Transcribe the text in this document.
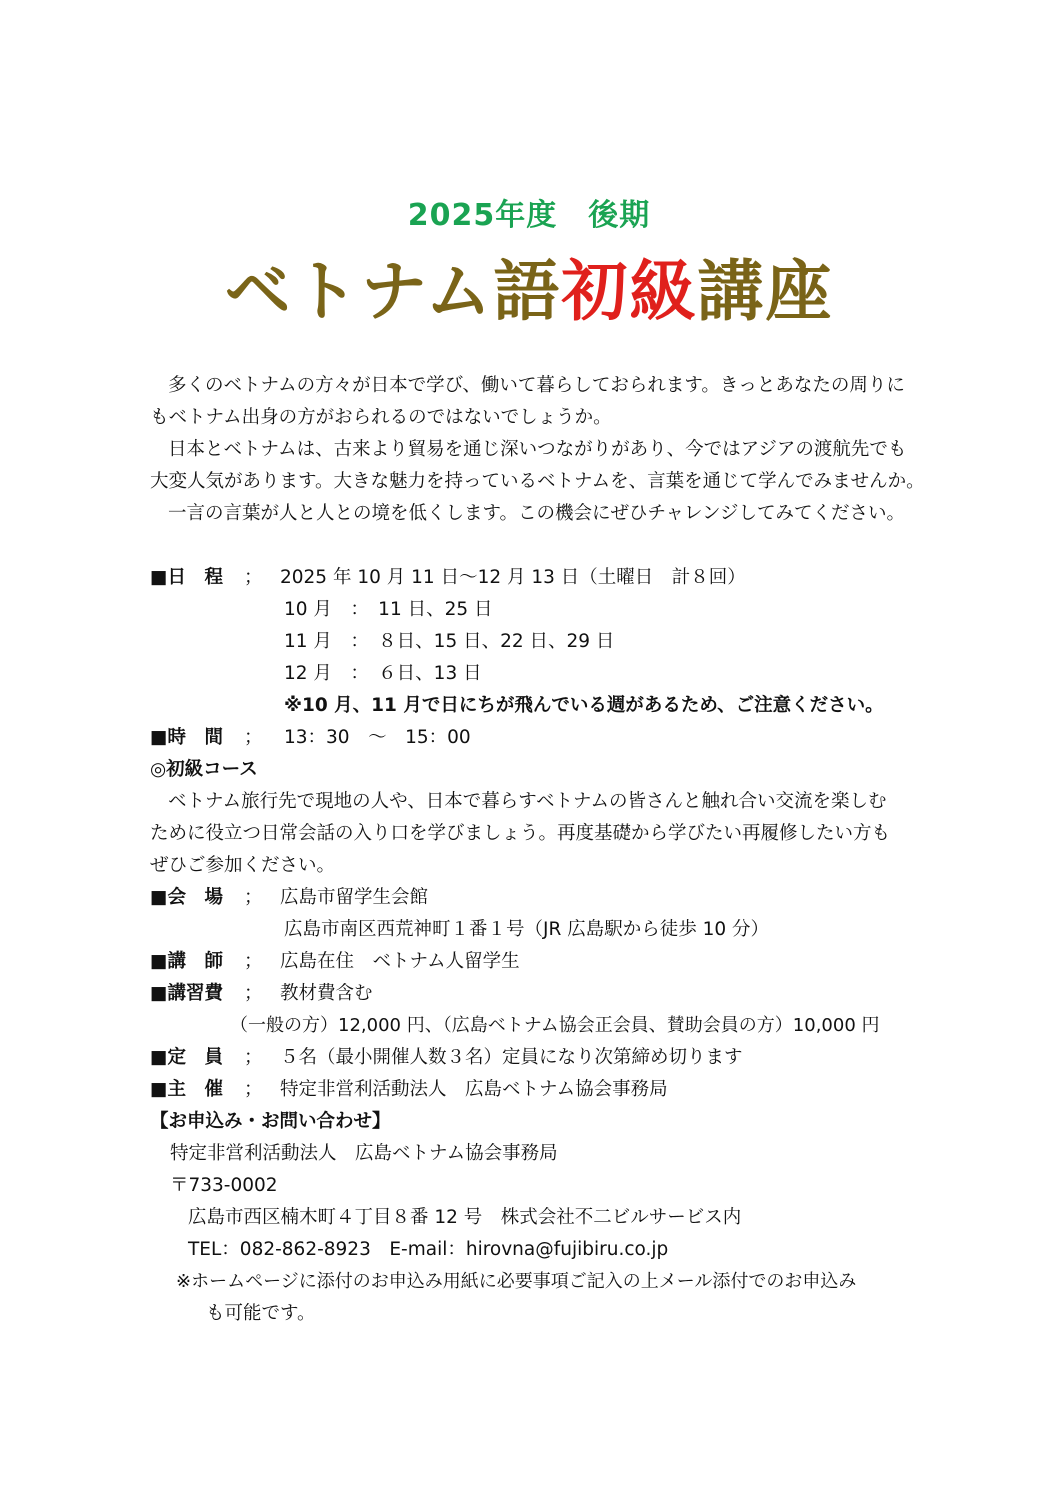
2025年度　後期
ベトナム語初級講座
多くのベトナムの方々が日本で学び、働いて暮らしておられます。きっとあなたの周りに
もベトナム出身の方がおられるのではないでしょうか。
日本とベトナムは、古来より貿易を通じ深いつながりがあり、今ではアジアの渡航先でも
大変人気があります。大きな魅力を持っているベトナムを、言葉を通じて学んでみませんか。
一言の言葉が人と人との境を低くします。この機会にぜひチャレンジしてみてください。
■日　程 ； 2025 年 10 月 11 日～12 月 13 日（土曜日　計８回）
10 月　：　11 日、25 日
11 月　：　８日、15 日、22 日、29 日
12 月　：　６日、13 日
※10 月、11 月で日にちが飛んでいる週があるため、ご注意ください。
■時　間 ； 13：30　～　15：00
◎初級コース
ベトナム旅行先で現地の人や、日本で暮らすベトナムの皆さんと触れ合い交流を楽しむ
ために役立つ日常会話の入り口を学びましょう。再度基礎から学びたい再履修したい方も
ぜひご参加ください。
■会　場 ； 広島市留学生会館
広島市南区西荒神町１番１号（JR 広島駅から徒歩 10 分）
■講　師 ； 広島在住　ベトナム人留学生
■講習費 ； 教材費含む
（一般の方）12,000 円、（広島ベトナム協会正会員、賛助会員の方）10,000 円
■定　員 ； ５名（最小開催人数３名）定員になり次第締め切ります
■主　催 ； 特定非営利活動法人　広島ベトナム協会事務局
【お申込み・お問い合わせ】
特定非営利活動法人　広島ベトナム協会事務局
〒733-0002
広島市西区楠木町４丁目８番 12 号　株式会社不二ビルサービス内
TEL：082-862-8923　E-mail：hirovna@fujibiru.co.jp
※ホームページに添付のお申込み用紙に必要事項ご記入の上メール添付でのお申込み
も可能です。
